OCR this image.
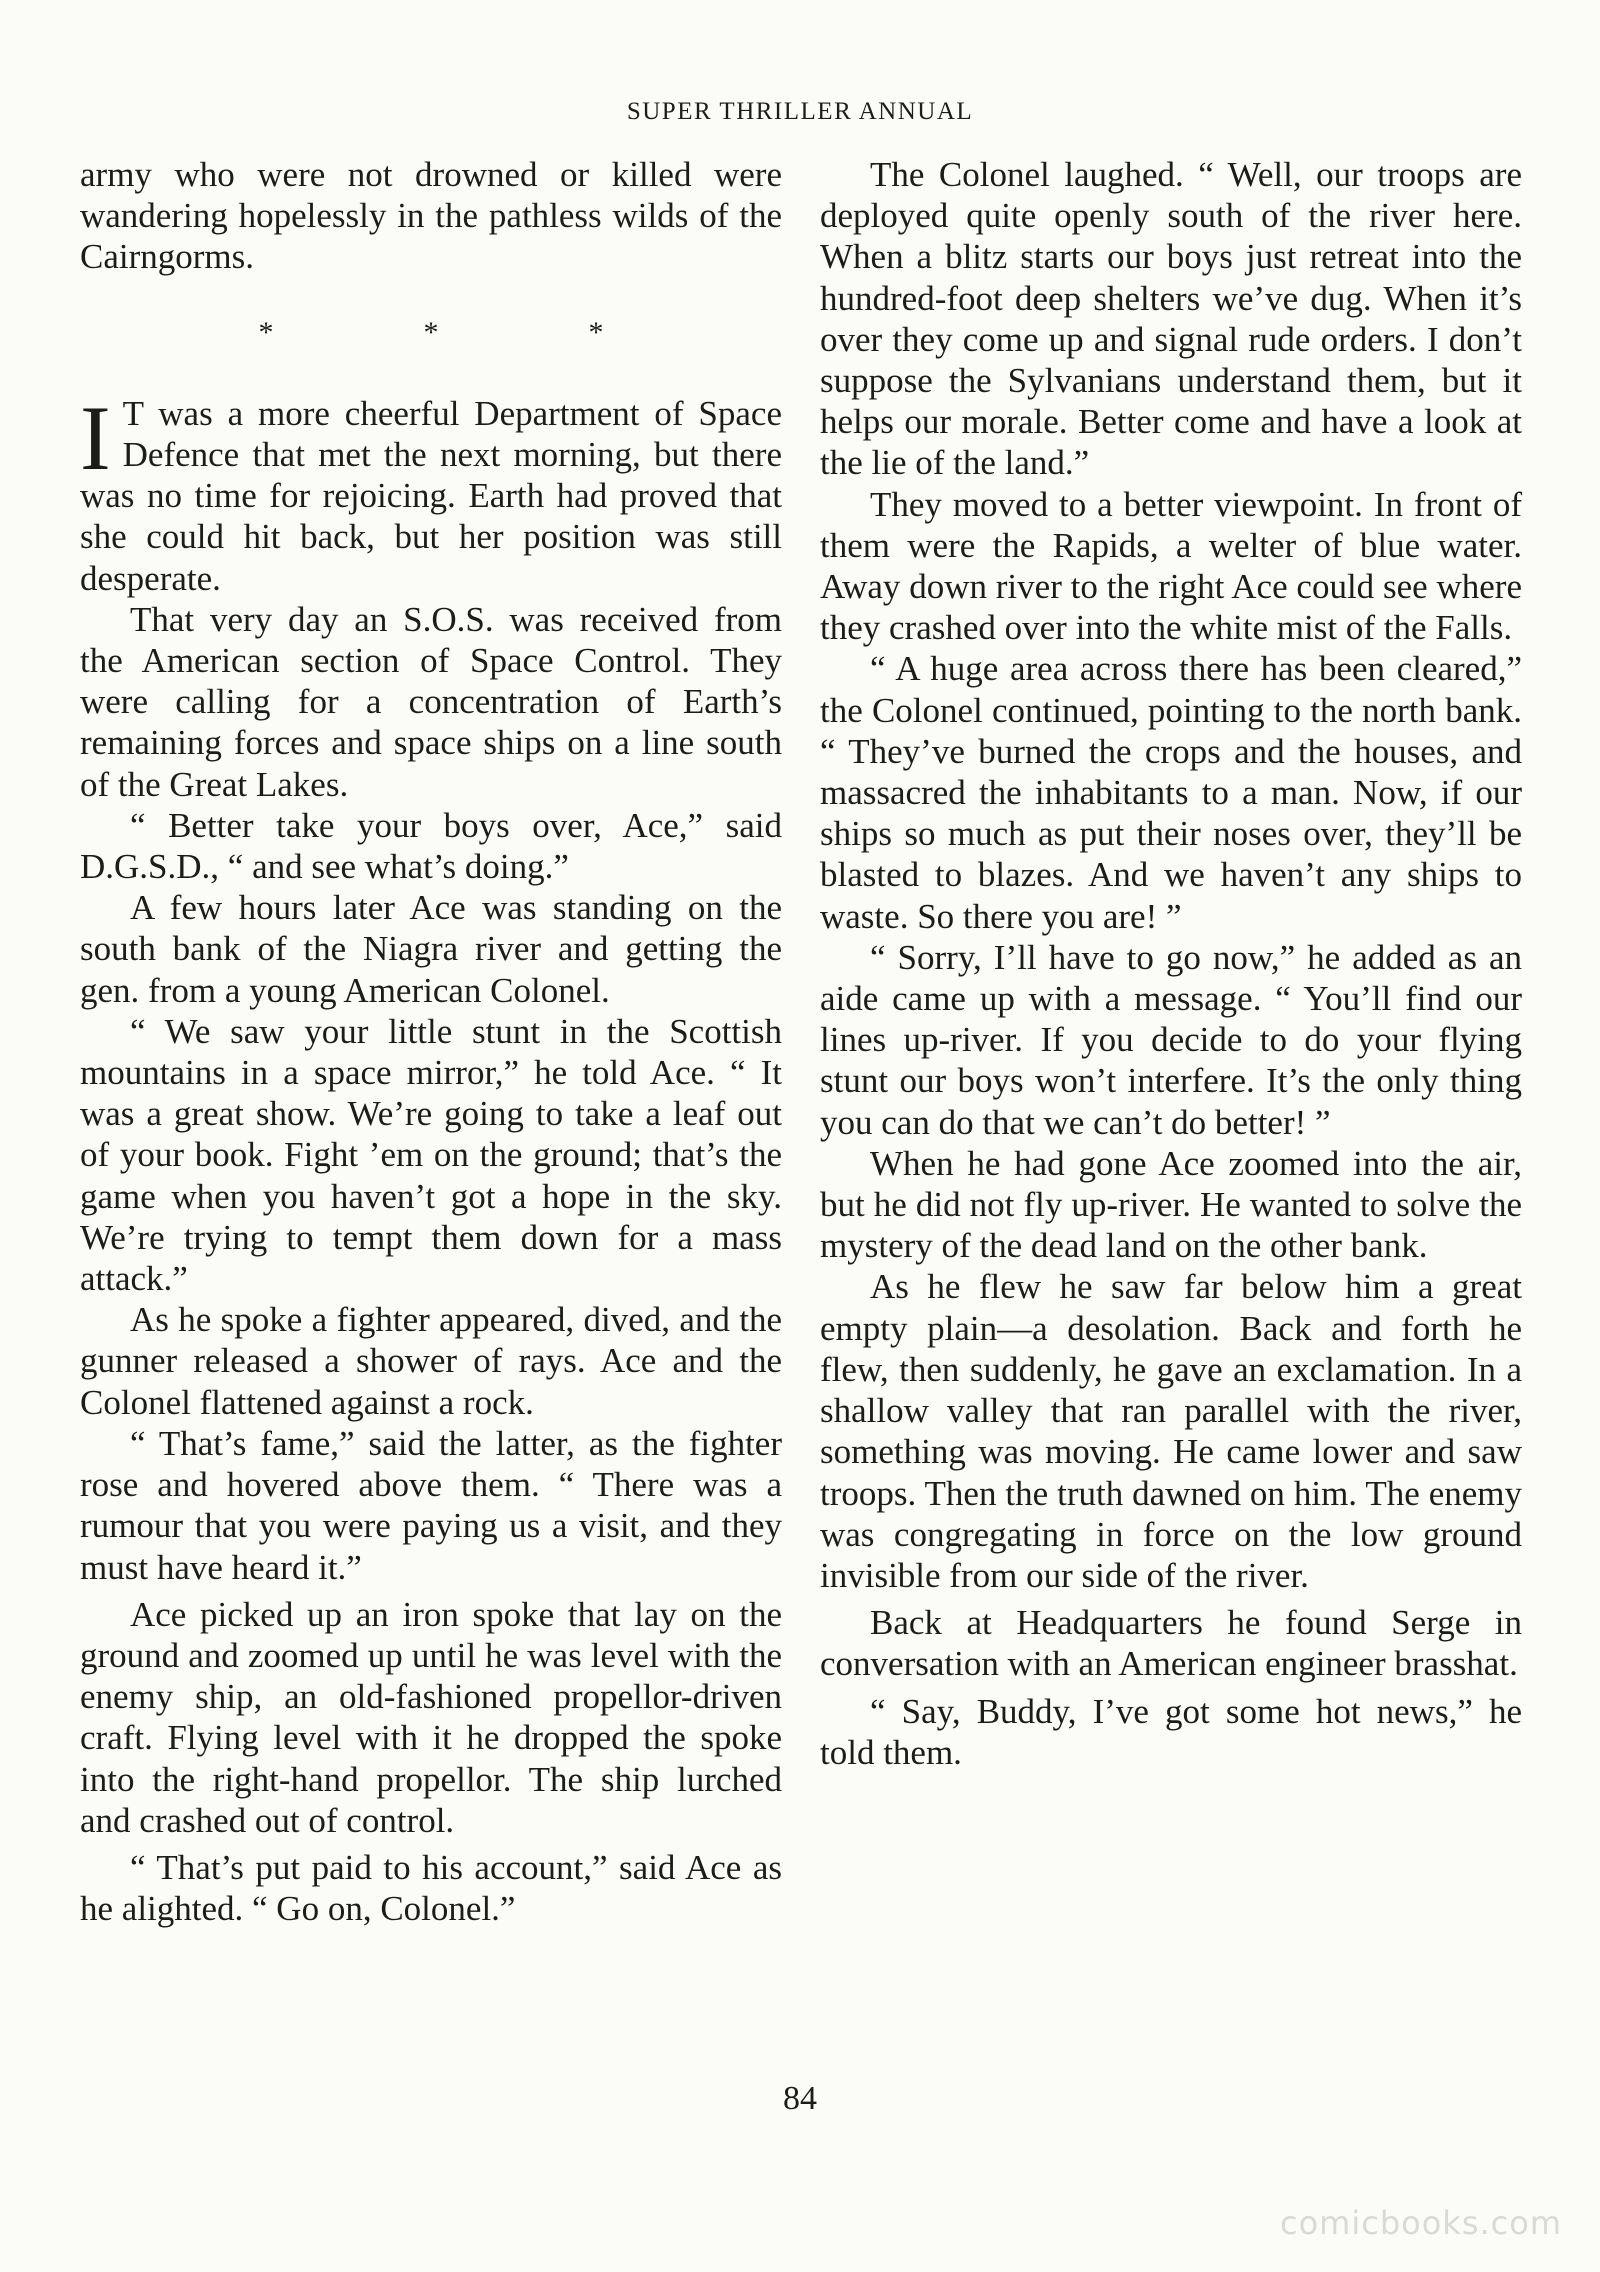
SUPER THRILLER ANNUAL

army who were not drowned or killed were wandering hopelessly in the pathless wilds of the Cairngorms.

*	*	*

I T was a more cheerful Department of Space Defence that met the next morning, but there was no time for rejoicing. Earth had proved that she could hit back, but her position was still desperate.

That very day an S.O.S. was received from the American section of Space Control. They were calling for a concentration of Earth’s remaining forces and space ships on a line south of the Great Lakes.

“ Better take your boys over, Ace,” said D.G.S.D., “ and see what’s doing.”

A few hours later Ace was standing on the south bank of the Niagra river and getting the gen. from a young American Colonel.

“ We saw your little stunt in the Scottish mountains in a space mirror,” he told Ace. “ It was a great show. We’re going to take a leaf out of your book. Fight ’em on the ground; that’s the game when you haven’t got a hope in the sky. We’re trying to tempt them down for a mass attack.”

As he spoke a fighter appeared, dived, and the gunner released a shower of rays. Ace and the Colonel flattened against a rock.

“ That’s fame,” said the latter, as the fighter rose and hovered above them. “ There was a rumour that you were paying us a visit, and they must have heard it.”

Ace picked up an iron spoke that lay on the ground and zoomed up until he was level with the enemy ship, an old-fashioned propellor-driven craft. Flying level with it he dropped the spoke into the right-hand propellor. The ship lurched and crashed out of control.

“ That’s put paid to his account,” said Ace as he alighted. “ Go on, Colonel.”

The Colonel laughed. “ Well, our troops are deployed quite openly south of the river here. When a blitz starts our boys just retreat into the hundred-foot deep shelters we’ve dug. When it’s over they come up and signal rude orders. I don’t suppose the Sylvanians understand them, but it helps our morale. Better come and have a look at the lie of the land.”

They moved to a better viewpoint. In front of them were the Rapids, a welter of blue water. Away down river to the right Ace could see where they crashed over into the white mist of the Falls.

“ A huge area across there has been cleared,” the Colonel continued, pointing to the north bank. “ They’ve burned the crops and the houses, and massacred the inhabitants to a man. Now, if our ships so much as put their noses over, they’ll be blasted to blazes. And we haven’t any ships to waste. So there you are! ”

“ Sorry, I’ll have to go now,” he added as an aide came up with a message. “ You’ll find our lines up-river. If you decide to do your flying stunt our boys won’t interfere. It’s the only thing you can do that we can’t do better! ”

When he had gone Ace zoomed into the air, but he did not fly up-river. He wanted to solve the mystery of the dead land on the other bank.

As he flew he saw far below him a great empty plain—a desolation. Back and forth he flew, then suddenly, he gave an exclamation. In a shallow valley that ran parallel with the river, something was moving. He came lower and saw troops. Then the truth dawned on him. The enemy was congregating in force on the low ground invisible from our side of the river.

Back at Headquarters he found Serge in conversation with an American engineer brasshat.

“ Say, Buddy, I’ve got some hot news,” he told them.

84
comicbooks.com
